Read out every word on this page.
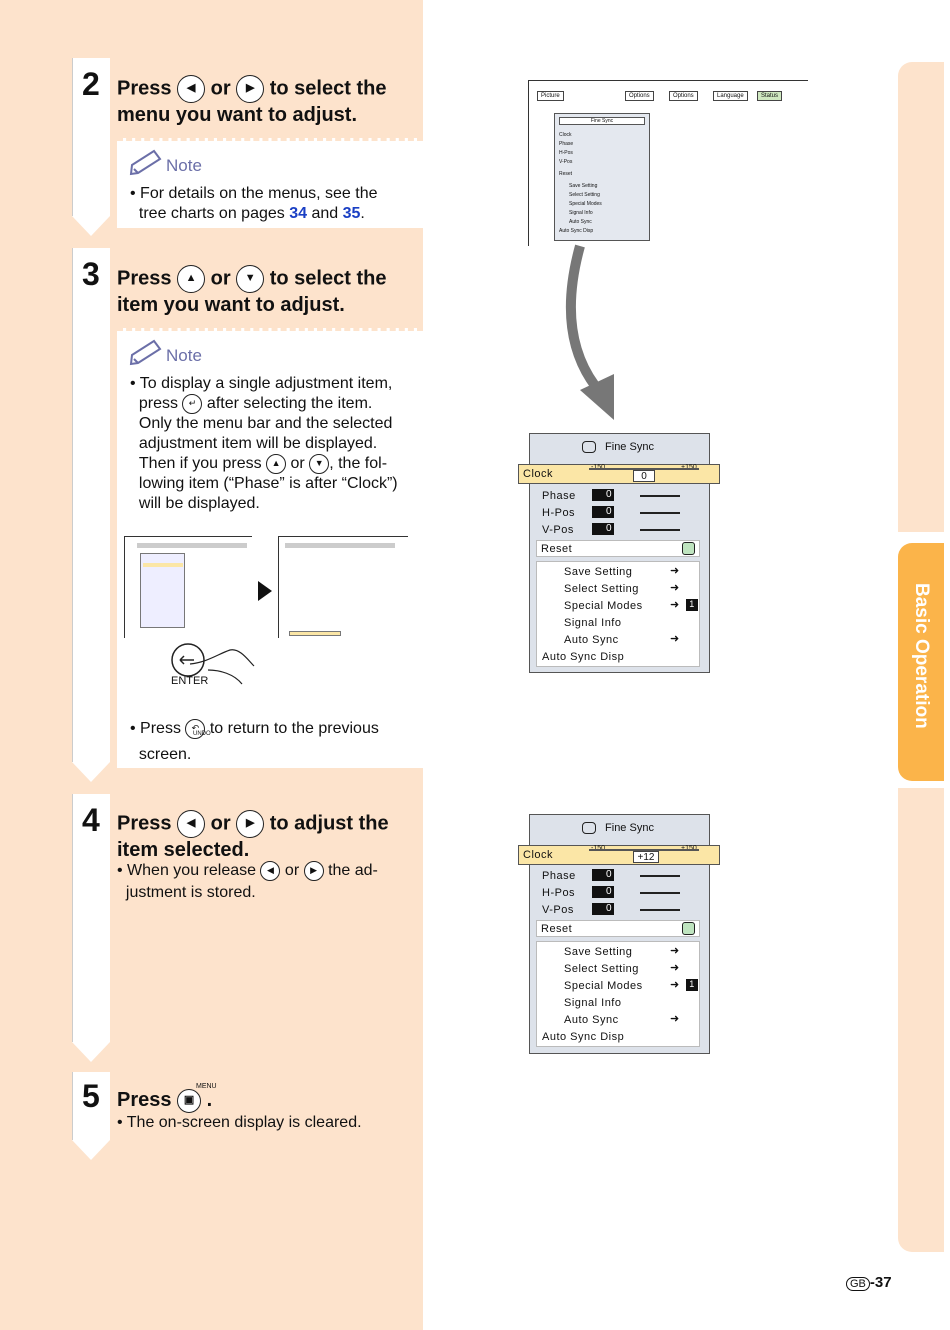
2 Press ◀ or ▶ to select the
menu you want to adjust.
Note
• For details on the menus, see the
tree charts on pages 34 and 35.
3 Press ▲ or ▼ to select the
item you want to adjust.
Note
• To display a single adjustment item,
press ↵ after selecting the item.
Only the menu bar and the selected
adjustment item will be displayed.
Then if you press ▲ or ▼ , the fol-
lowing item (“Phase” is after “Clock”)
will be displayed.
ENTER
• Press ↶ to return to the previous
screen.
UNDO
4 Press ◀ or ▶ to adjust the
item selected.
• When you release ◀ or ▶ the ad-
justment is stored.
5 Press ▣ .
MENU
• The on-screen display is cleared.
Picture	Options	Options	Language	Status
Fine Sync
Clock
Phase
H-Pos
V-Pos
Reset
Save Setting
Select Setting
Special Modes
Signal Info
Auto Sync
Auto Sync Disp
Fine Sync
Phase	0
H-Pos	0
V-Pos	0
Reset
Save Setting	➜
Select Setting	➜
Special Modes ➜	1
Signal Info
Auto Sync	➜
Auto Sync Disp
Clock	0
Fine Sync
Phase	0
H-Pos	0
V-Pos	0
Reset
Save Setting	➜
Select Setting	➜
Special Modes ➜	1
Signal Info
Auto Sync	➜
Auto Sync Disp
Clock	+12
Basic Operation
GB -37
